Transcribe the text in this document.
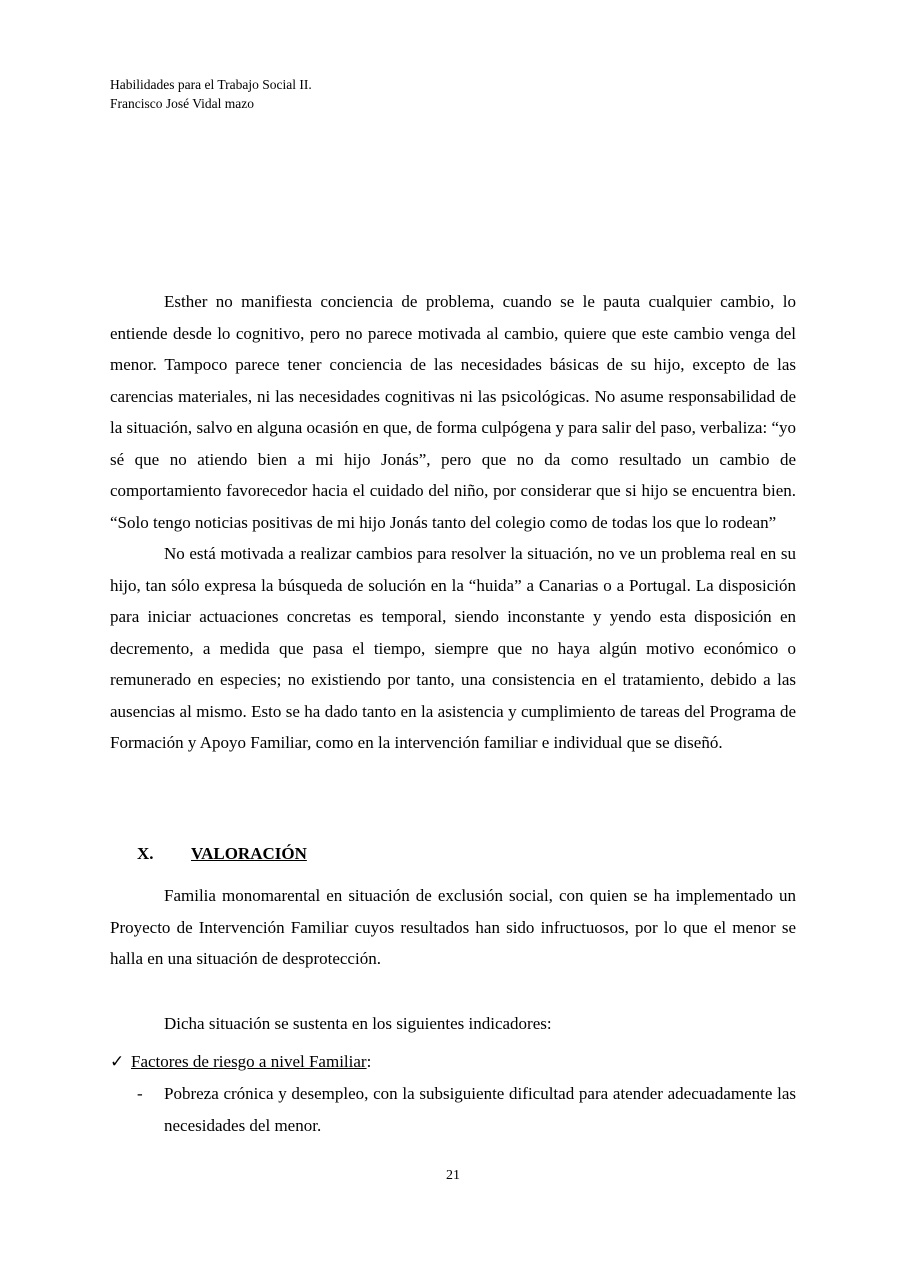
Habilidades para el Trabajo Social II.
Francisco José Vidal mazo

Esther no manifiesta conciencia de problema, cuando se le pauta cualquier cambio, lo entiende desde lo cognitivo, pero no parece motivada al cambio, quiere que este cambio venga del menor. Tampoco parece tener conciencia de las necesidades básicas de su hijo, excepto de las carencias materiales, ni las necesidades cognitivas ni las psicológicas. No asume responsabilidad de la situación, salvo en alguna ocasión en que, de forma culpógena y para salir del paso, verbaliza: “yo sé que no atiendo bien a mi hijo Jonás”, pero que no da como resultado un cambio de comportamiento favorecedor hacia el cuidado del niño, por considerar que si hijo se encuentra bien. “Solo tengo noticias positivas de mi hijo Jonás tanto del colegio como de todas los que lo rodean”

No está motivada a realizar cambios para resolver la situación, no ve un problema real en su hijo, tan sólo expresa la búsqueda de solución en la “huida” a Canarias o a Portugal. La disposición para iniciar actuaciones concretas es temporal, siendo inconstante y yendo esta disposición en decremento, a medida que pasa el tiempo, siempre que no haya algún motivo económico o remunerado en especies; no existiendo por tanto, una consistencia en el tratamiento, debido a las ausencias al mismo. Esto se ha dado tanto en la asistencia y cumplimiento de tareas del Programa de Formación y Apoyo Familiar, como en la intervención familiar e individual que se diseñó.

X. VALORACIÓN

Familia monomarental en situación de exclusión social, con quien se ha implementado un Proyecto de Intervención Familiar cuyos resultados han sido infructuosos, por lo que el menor se halla en una situación de desprotección.

Dicha situación se sustenta en los siguientes indicadores:
✓ Factores de riesgo a nivel Familiar:
- Pobreza crónica y desempleo, con la subsiguiente dificultad para atender adecuadamente las necesidades del menor.
21
